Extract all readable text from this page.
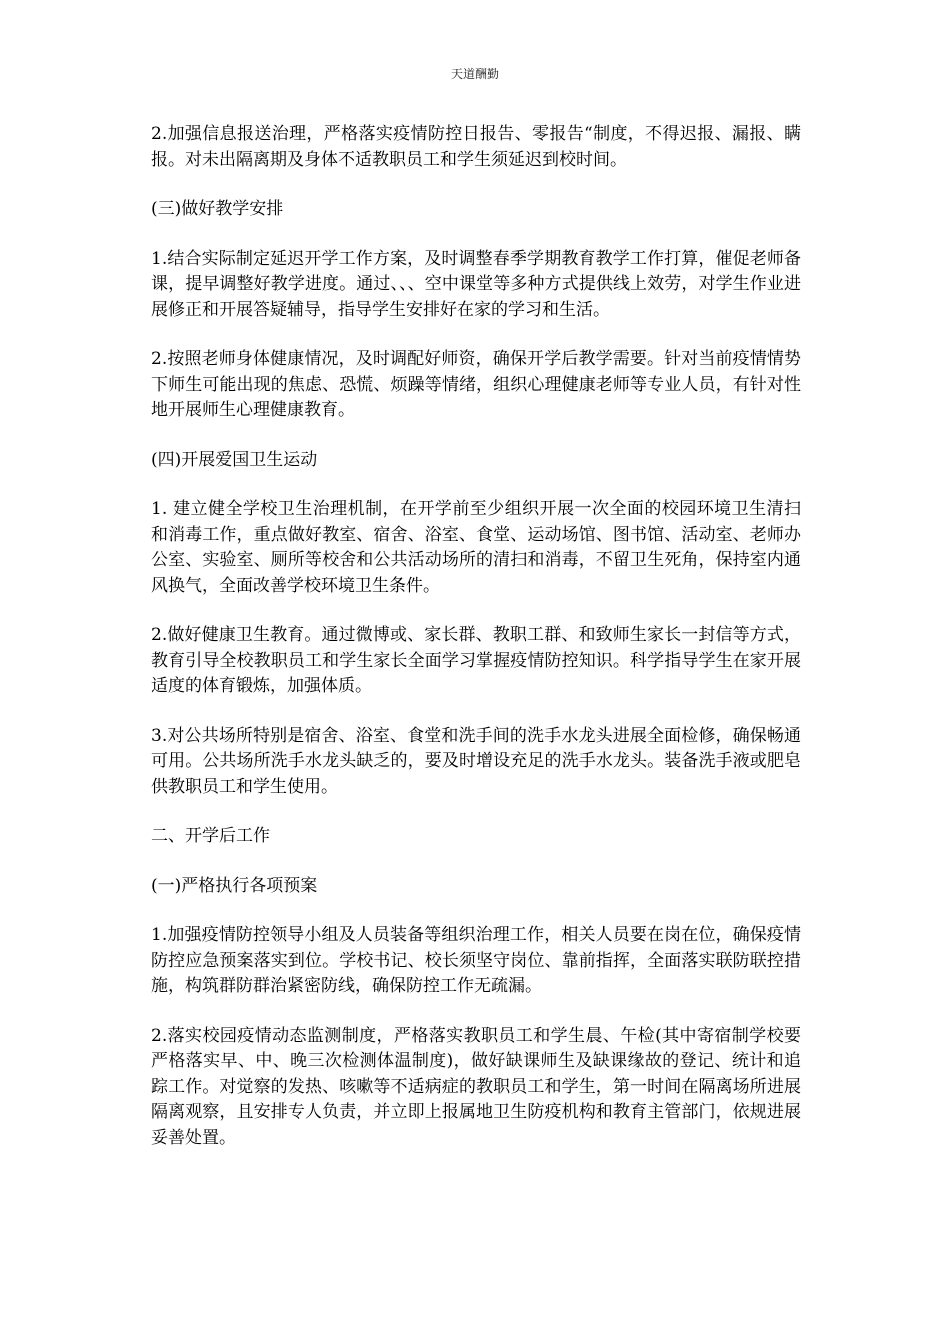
天道酬勤

2.加强信息报送治理，严格落实疫情防控日报告、零报告“制度，不得迟报、漏报、瞒报。对未出隔离期及身体不适教职员工和学生须延迟到校时间。

(三)做好教学安排

1.结合实际制定延迟开学工作方案，及时调整春季学期教育教学工作打算，催促老师备课，提早调整好教学进度。通过、、、空中课堂等多种方式提供线上效劳，对学生作业进展修正和开展答疑辅导，指导学生安排好在家的学习和生活。

2.按照老师身体健康情况，及时调配好师资，确保开学后教学需要。针对当前疫情情势下师生可能出现的焦虑、恐慌、烦躁等情绪，组织心理健康老师等专业人员，有针对性地开展师生心理健康教育。

(四)开展爱国卫生运动

1. 建立健全学校卫生治理机制，在开学前至少组织开展一次全面的校园环境卫生清扫和消毒工作，重点做好教室、宿舍、浴室、食堂、运动场馆、图书馆、活动室、老师办公室、实验室、厕所等校舍和公共活动场所的清扫和消毒，不留卫生死角，保持室内通风换气，全面改善学校环境卫生条件。

2.做好健康卫生教育。通过微博或、家长群、教职工群、和致师生家长一封信等方式，教育引导全校教职员工和学生家长全面学习掌握疫情防控知识。科学指导学生在家开展适度的体育锻炼，加强体质。

3.对公共场所特别是宿舍、浴室、食堂和洗手间的洗手水龙头进展全面检修，确保畅通可用。公共场所洗手水龙头缺乏的，要及时增设充足的洗手水龙头。装备洗手液或肥皂供教职员工和学生使用。

二、开学后工作

(一)严格执行各项预案

1.加强疫情防控领导小组及人员装备等组织治理工作，相关人员要在岗在位，确保疫情防控应急预案落实到位。学校书记、校长须坚守岗位、靠前指挥，全面落实联防联控措施，构筑群防群治紧密防线，确保防控工作无疏漏。

2.落实校园疫情动态监测制度，严格落实教职员工和学生晨、午检(其中寄宿制学校要严格落实早、中、晚三次检测体温制度)，做好缺课师生及缺课缘故的登记、统计和追踪工作。对觉察的发热、咳嗽等不适病症的教职员工和学生，第一时间在隔离场所进展隔离观察，且安排专人负责，并立即上报属地卫生防疫机构和教育主管部门，依规进展妥善处置。
